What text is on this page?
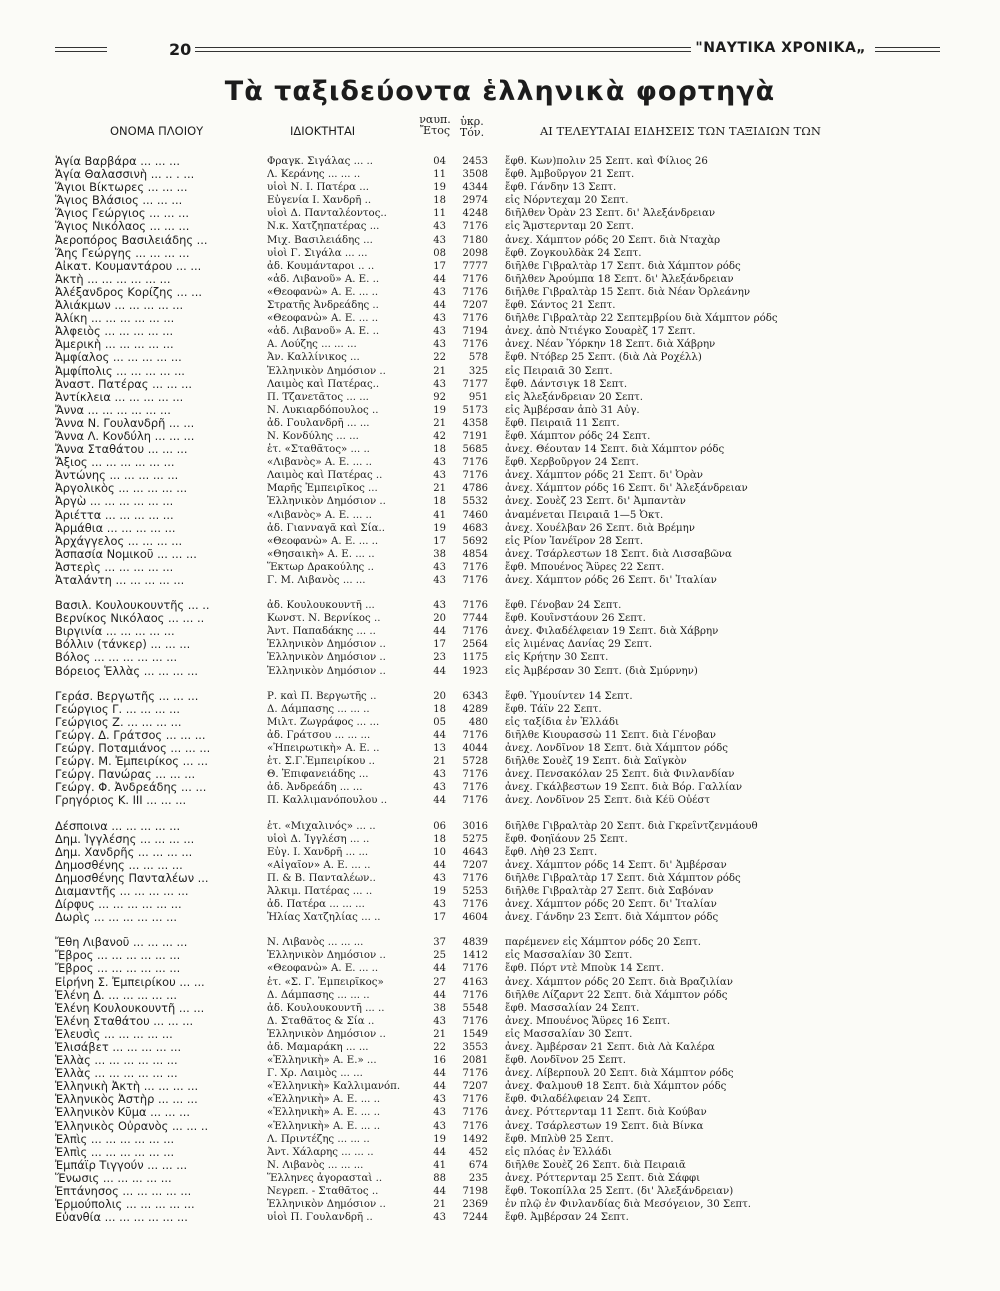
20	"ΝΑΥΤΙΚΑ ΧΡΟΝΙΚΑ„
Τὰ ταξιδεύοντα ἑλληνικὰ φορτηγὰ
ΟΝΟΜΑ ΠΛΟΙΟΥ	ΙΔΙΟΚΤΗΤΑΙ
ναυπ.
Ἔτος
ὑκρ.
Τόν.	ΑΙ ΤΕΛΕΥΤΑΙΑΙ ΕΙΔΗΣΕΙΣ ΤΩΝ ΤΑΞΙΔΙΩΝ ΤΩΝ
Ἁγία Βαρβάρα ... ... ...	Φραγκ. Σιγάλας ... ..	04	2453 ἔφθ. Κων)πολιν 25 Σεπτ. καὶ Φίλιος 26
Ἁγία Θαλασσινὴ ... .. . ...	Λ. Κεράνης ... ... ..	11	3508 ἔφθ. Ἀμβοῦργον 21 Σεπτ.
Ἅγιοι Βίκτωρες ... ... ...	υἱοὶ Ν. Ι. Πατέρα ...	19	4344 ἔφθ. Γάνδην 13 Σεπτ.
Ἅγιος Βλάσιος ... ... ...	Εὐγενία Ι. Χανδρῆ ..	18	2974 εἰς Νόρντεχαμ 20 Σεπτ.
Ἅγιος Γεώργιος ... ... ...	υἱοὶ Δ. Πανταλέοντος..	11	4248 διῆλθεν Ὀρὰν 23 Σεπτ. δι' Ἀλεξάνδρειαν
Ἅγιος Νικόλαος ... ... ...	Ν.κ. Χατζηπατέρας ...	43	7176 εἰς Ἄμστερνταμ 20 Σεπτ.
Ἀεροπόρος Βασιλειάδης ...	Μιχ. Βασιλειάδης ...	43	7180 ἀνεχ. Χάμπτον ρόδς 20 Σεπτ. διὰ Νταχὰρ
Ἅης Γεώργης ... ... ... ...	υἱοὶ Γ. Σιγάλα ... ...	08	2098 ἔφθ. Ζογκουλδὰκ 24 Σεπτ.
Αἰκατ. Κουμαντάρου ... ...	ἀδ. Κουμάνταροι .. ..	17	7777 διῆλθε Γιβραλτὰρ 17 Σεπτ. διὰ Χάμπτον ρόδς
Ἀκτὴ ... ... ... ... ... ...	«ἀδ. Λιβανοῦ» Α. Ε. ..	44	7176 διῆλθεν Ἀρούμπα 18 Σεπτ. δι' Ἀλεξάνδρειαν
Ἀλέξανδρος Κορίζης ... ...	«Θεοφανὼ» Α. Ε. ... ..	43	7176 διῆλθε Γιβραλτὰρ 15 Σεπτ. διὰ Νέαν Ὀρλεάνην
Ἀλιάκμων ... ... ... ... ...	Στρατῆς Ἀνδρεάδης ..	44	7207 ἔφθ. Σάντος 21 Σεπτ.
Ἀλίκη ... ... ... ... ... ...	«Θεοφανὼ» Α. Ε. ... ..	43	7176 διῆλθε Γιβραλτὰρ 22 Σεπτεμβρίου διὰ Χάμπτον ρόδς
Ἀλφειὸς ... ... ... ... ...	«ἀδ. Λιβανοῦ» Α. Ε. ..	43	7194 ἀνεχ. ἀπὸ Ντιέγκο Σουαρὲζ 17 Σεπτ.
Ἀμερικὴ ... ... ... ... ...	Α. Λούζης ... ... ...	43	7176 ἀνεχ. Νέαν Ὑόρκην 18 Σεπτ. διὰ Χάβρην
Ἀμφίαλος ... ... ... ... ...	Ἀν. Καλλίνικος ...	22	578 ἔφθ. Ντόβερ 25 Σεπτ. (διὰ Λὰ Ροχέλλ)
Ἀμφίπολις ... ... ... ... ...	Ἑλληνικὸν Δημόσιον ..	21	325 εἰς Πειραιᾶ 30 Σεπτ.
Ἀναστ. Πατέρας ... ... ...	Λαιμὸς καὶ Πατέρας..	43	7177 ἔφθ. Δάντσιγκ 18 Σεπτ.
Ἀντίκλεια ... ... ... ... ...	Π. Τζανετᾶτος ... ...	92	951 εἰς Ἀλεξάνδρειαν 20 Σεπτ.
Ἄννα ... ... ... ... ... ...	Ν. Λυκιαρδόπουλος ..	19	5173 εἰς Ἀμβέρσαν ἀπὸ 31 Αὐγ.
Ἄννα Ν. Γουλανδρῆ ... ...	ἀδ. Γουλανδρῆ ... ...	21	4358 ἔφθ. Πειραιᾶ 11 Σεπτ.
Ἄννα Λ. Κονδύλη ... ... ...	Ν. Κονδύλης ... ...	42	7191 ἔφθ. Χάμπτον ρόδς 24 Σεπτ.
Ἄννα Σταθάτου ... ... ...	ἑτ. «Σταθᾶτος» ... ..	18	5685 ἀνεχ. Θέουταν 14 Σεπτ. διὰ Χάμπτον ρόδς
Ἄξιος ... ... ... ... ... ...	«Λιβανὸς» Α. Ε. ... ..	43	7176 ἔφθ. Χερβοῦργον 24 Σεπτ.
Ἀντώνης ... ... ... ... ...	Λαιμὸς καὶ Πατέρας ..	43	7176 ἀνεχ. Χάμπτον ρόδς 21 Σεπτ. δι' Ὀρὰν
Ἀργολικὸς ... ... ... ... ...	Μαρῆς Ἐμπειρῖκος ...	21	4786 ἀνεχ. Χάμπτον ρόδς 16 Σεπτ. δι' Ἀλεξάνδρειαν
Ἀργὼ ... ... ... ... ... ...	Ἑλληνικὸν Δημόσιον ..	18	5532 ἀνεχ. Σουὲζ 23 Σεπτ. δι' Ἀμπαντὰν
Ἀριέττα ... ... ... ... ...	«Λιβανὸς» Α. Ε. ... ..	41	7460 ἀναμένεται Πειραιᾶ 1—5 Ὀκτ.
Ἀρμάθια ... ... ... ... ...	ἀδ. Γιανναγᾶ καὶ Σία..	19	4683 ἀνεχ. Χουέλβαν 26 Σεπτ. διὰ Βρέμην
Ἀρχάγγελος ... ... ... ...	«Θεοφανὼ» Α. Ε. ... ..	17	5692 εἰς Ρίον Ἰανέϊρον 28 Σεπτ.
Ἀσπασία Νομικοῦ ... ... ...	«Θησαικὴ» Α. Ε. ... ..	38	4854 ἀνεχ. Τσάρλεστων 18 Σεπτ. διὰ Λισσαβῶνα
Ἀστερὶς ... ... ... ... ...	Ἕκτωρ Δρακούλης ..	43	7176 ἔφθ. Μπουένος Ἄϋρες 22 Σεπτ.
Ἀταλάντη ... ... ... ... ...	Γ. Μ. Λιβανὸς ... ...	43	7176 ἀνεχ. Χάμπτον ρόδς 26 Σεπτ. δι' Ἰταλίαν
Βασιλ. Κουλουκουντῆς ... ..	ἀδ. Κουλουκουντῆ ...	43	7176 ἔφθ. Γένοβαν 24 Σεπτ.
Βερνίκος Νικόλαος ... ... ..	Κωνστ. Ν. Βερνίκος ..	20	7744 ἔφθ. Κουΐνστάουν 26 Σεπτ.
Βιργινία ... ... ... ... ...	Ἀντ. Παπαδάκης ... ..	44	7176 ἀνεχ. Φιλαδέλφειαν 19 Σεπτ. διὰ Χάβρην
Βόλλιν (τάνκερ) ... ... ...	Ἑλληνικὸν Δημόσιον ..	17	2564 εἰς λιμένας Δανίας 29 Σεπτ.
Βόλος ... ... ... ... ... ...	Ἑλληνικὸν Δημόσιον ..	23	1175 εἰς Κρήτην 30 Σεπτ.
Βόρειος Ἑλλὰς ... ... ... ...	Ἑλληνικὸν Δημόσιον ..	44	1923 εἰς Ἀμβέρσαν 30 Σεπτ. (διὰ Σμύρνην)
Γεράσ. Βεργωτῆς ... ... ...	Ρ. καὶ Π. Βεργωτῆς ..	20	6343 ἔφθ. Ὑμουίντεν 14 Σεπτ.
Γεώργιος Γ. ... ... ... ...	Δ. Δάμπασης ... ... ..	18	4289 ἔφθ. Τάϊν 22 Σεπτ.
Γεώργιος Ζ. ... ... ... ...	Μιλτ. Ζωγράφος ... ...	05	480 εἰς ταξίδια ἐν Ἑλλάδι
Γεώργ. Δ. Γράτσος ... ... ...	ἀδ. Γράτσου ... ... ...	44	7176 διῆλθε Κιουρασσὼ 11 Σεπτ. διὰ Γένοβαν
Γεώργ. Ποταμιάνος ... ... ...	«Ἠπειρωτικὴ» Α. Ε. ..	13	4044 ἀνεχ. Λονδῖνον 18 Σεπτ. διὰ Χάμπτον ρόδς
Γεώργ. Μ. Ἐμπειρίκος ... ...	ἑτ. Σ.Γ.Ἐμπειρίκου ..	21	5728 διῆλθε Σουὲζ 19 Σεπτ. διὰ Σαϊγκὸν
Γεώργ. Πανώρας ... ... ...	Θ. Ἐπιφανειάδης ...	43	7176 ἀνεχ. Πενσακόλαν 25 Σεπτ. διὰ Φινλανδίαν
Γεώργ. Φ. Ἀνδρεάδης ... ...	ἀδ. Ἀνδρεάδη ... ...	43	7176 ἀνεχ. Γκάλβεστων 19 Σεπτ. διὰ Βόρ. Γαλλίαν
Γρηγόριος Κ. ΙΙΙ ... ... ...	Π. Καλλιμανόπουλου ..	44	7176 ἀνεχ. Λονδῖνον 25 Σεπτ. διὰ Κέϋ Οὐέστ
Δέσποινα ... ... ... ... ...	ἑτ. «Μιχαλινός» ... ..	06	3016 διῆλθε Γιβραλτὰρ 20 Σεπτ. διὰ Γκρεΐντζενμάουθ
Δημ. Ἰγγλέσης ... ... ... ...	υἱοὶ Δ. Ἰγγλέση ... ..	18	5275 ἔφθ. Φοηϊάουν 25 Σεπτ.
Δημ. Χανδρῆς ... ... ... ...	Εὐγ. Ι. Χανδρῆ ... ...	10	4643 ἔφθ. Λὴθ 23 Σεπτ.
Δημοσθένης ... ... ... ...	«Αἰγαῖον» Α. Ε. ... ..	44	7207 ἀνεχ. Χάμπτον ρόδς 14 Σεπτ. δι' Ἀμβέρσαν
Δημοσθένης Πανταλέων ...	Π. & Β. Πανταλέων..	43	7176 διῆλθε Γιβραλτὰρ 17 Σεπτ. διὰ Χάμπτον ρόδς
Διαμαντῆς ... ... ... ... ...	Ἀλκιμ. Πατέρας ... ..	19	5253 διῆλθε Γιβραλτὰρ 27 Σεπτ. διὰ Σαβόναν
Δίρφυς ... ... ... ... ... ...	ἀδ. Πατέρα ... ... ...	43	7176 ἀνεχ. Χάμπτον ρόδς 20 Σεπτ. δι' Ἰταλίαν
Δωρὶς ... ... ... ... ... ...	Ἠλίας Χατζηλίας ... ..	17	4604 ἀνεχ. Γάνδην 23 Σεπτ. διὰ Χάμπτον ρόδς
Ἔθη Λιβανοῦ ... ... ... ...	Ν. Λιβανὸς ... ... ...	37	4839 παρέμενεν εἰς Χάμπτον ρόδς 20 Σεπτ.
Ἔβρος ... ... ... ... ... ...	Ἑλληνικὸν Δημόσιον ..	25	1412 εἰς Μασσαλίαν 30 Σεπτ.
Ἔβρος ... ... ... ... ... ...	«Θεοφανὼ» Α. Ε. ... ..	44	7176 ἔφθ. Πόρτ ντὲ Μποὺκ 14 Σεπτ.
Εἰρήνη Σ. Ἐμπειρίκου ... ...	ἑτ. «Σ. Γ. Ἐμπειρῖκος»	27	4163 ἀνεχ. Χάμπτον ρόδς 20 Σεπτ. διὰ Βραζιλίαν
Ἑλένη Δ. ... ... ... ... ...	Δ. Δάμπασης ... ... ..	44	7176 διῆλθε Λίζαρντ 22 Σεπτ. διὰ Χάμπτον ρόδς
Ἑλένη Κουλουκουντῆ ... ...	ἀδ. Κουλουκουντῆ ... ..	38	5548 ἔφθ. Μασσαλίαν 24 Σεπτ.
Ἑλένη Σταθάτου ... ... ...	Δ. Σταθᾶτος & Σία ..	43	7176 ἀνεχ. Μπουένος Ἄϋρες 16 Σεπτ.
Ἐλευσὶς ... ... ... ... ...	Ἑλληνικὸν Δημόσιον ..	21	1549 εἰς Μασσαλίαν 30 Σεπτ.
Ἐλισάβετ ... ... ... ... ...	ἀδ. Μαμαράκη ... ...	22	3553 ἀνεχ. Ἀμβέρσαν 21 Σεπτ. διὰ Λὰ Καλέρα
Ἑλλὰς ... ... ... ... ... ...	«Ἑλληνικὴ» Α. Ε.» ...	16	2081 ἔφθ. Λονδῖνον 25 Σεπτ.
Ἑλλὰς ... ... ... ... ... ...	Γ. Χρ. Λαιμὸς ... ...	44	7176 ἀνεχ. Λίβερπουλ 20 Σεπτ. διὰ Χάμπτον ρόδς
Ἑλληνικὴ Ἀκτὴ ... ... ... ...	«Ἑλληνικὴ» Καλλιμανόπ.	44	7207 ἀνεχ. Φαλμουθ 18 Σεπτ. διὰ Χάμπτον ρόδς
Ἑλληνικὸς Ἀστὴρ ... ... ...	«Ἑλληνικὴ» Α. Ε. ... ..	43	7176 ἔφθ. Φιλαδέλφειαν 24 Σεπτ.
Ἑλληνικὸν Κῦμα ... ... ...	«Ἑλληνικὴ» Α. Ε. ... ..	43	7176 ἀνεχ. Ρόττερνταμ 11 Σεπτ. διὰ Κούβαν
Ἑλληνικὸς Οὐρανὸς ... ... ..	«Ἑλληνικὴ» Α. Ε. ... ..	43	7176 ἀνεχ. Τσάρλεστων 19 Σεπτ. διὰ Βίνκα
Ἐλπὶς ... ... ... ... ... ...	Λ. Πριντέζης ... ... ..	19	1492 ἔφθ. Μπλὺθ 25 Σεπτ.
Ἐλπὶς ... ... ... ... ... ...	Ἀντ. Χάλαρης ... ... ..	44	452 εἰς πλόας ἐν Ἑλλάδι
Ἐμπάϊρ Τιγγούν ... ... ...	Ν. Λιβανὸς ... ... ...	41	674 διῆλθε Σουὲζ 26 Σεπτ. διὰ Πειραιᾶ
Ἕνωσις ... ... ... ... ...	Ἕλληνες ἀγορασταὶ ..	88	235 ἀνεχ. Ρόττερνταμ 25 Σεπτ. διὰ Σάφφι
Ἐπτάνησος ... ... ... ... ...	Νεγρεπ. - Σταθᾶτος ..	44	7198 ἔφθ. Τοκοπίλλα 25 Σεπτ. (δι' Ἀλεξάνδρειαν)
Ἑρμούπολις ... ... ... ... ...	Ἑλληνικὸν Δημόσιον ..	21	2369 ἐν πλῷ ἐν Φινλανδίας διὰ Μεσόγειον, 30 Σεπτ.
Εὐανθία ... ... ... ... ... ...	υἱοὶ Π. Γουλανδρῆ ..	43	7244 ἔφθ. Ἀμβέρσαν 24 Σεπτ.
